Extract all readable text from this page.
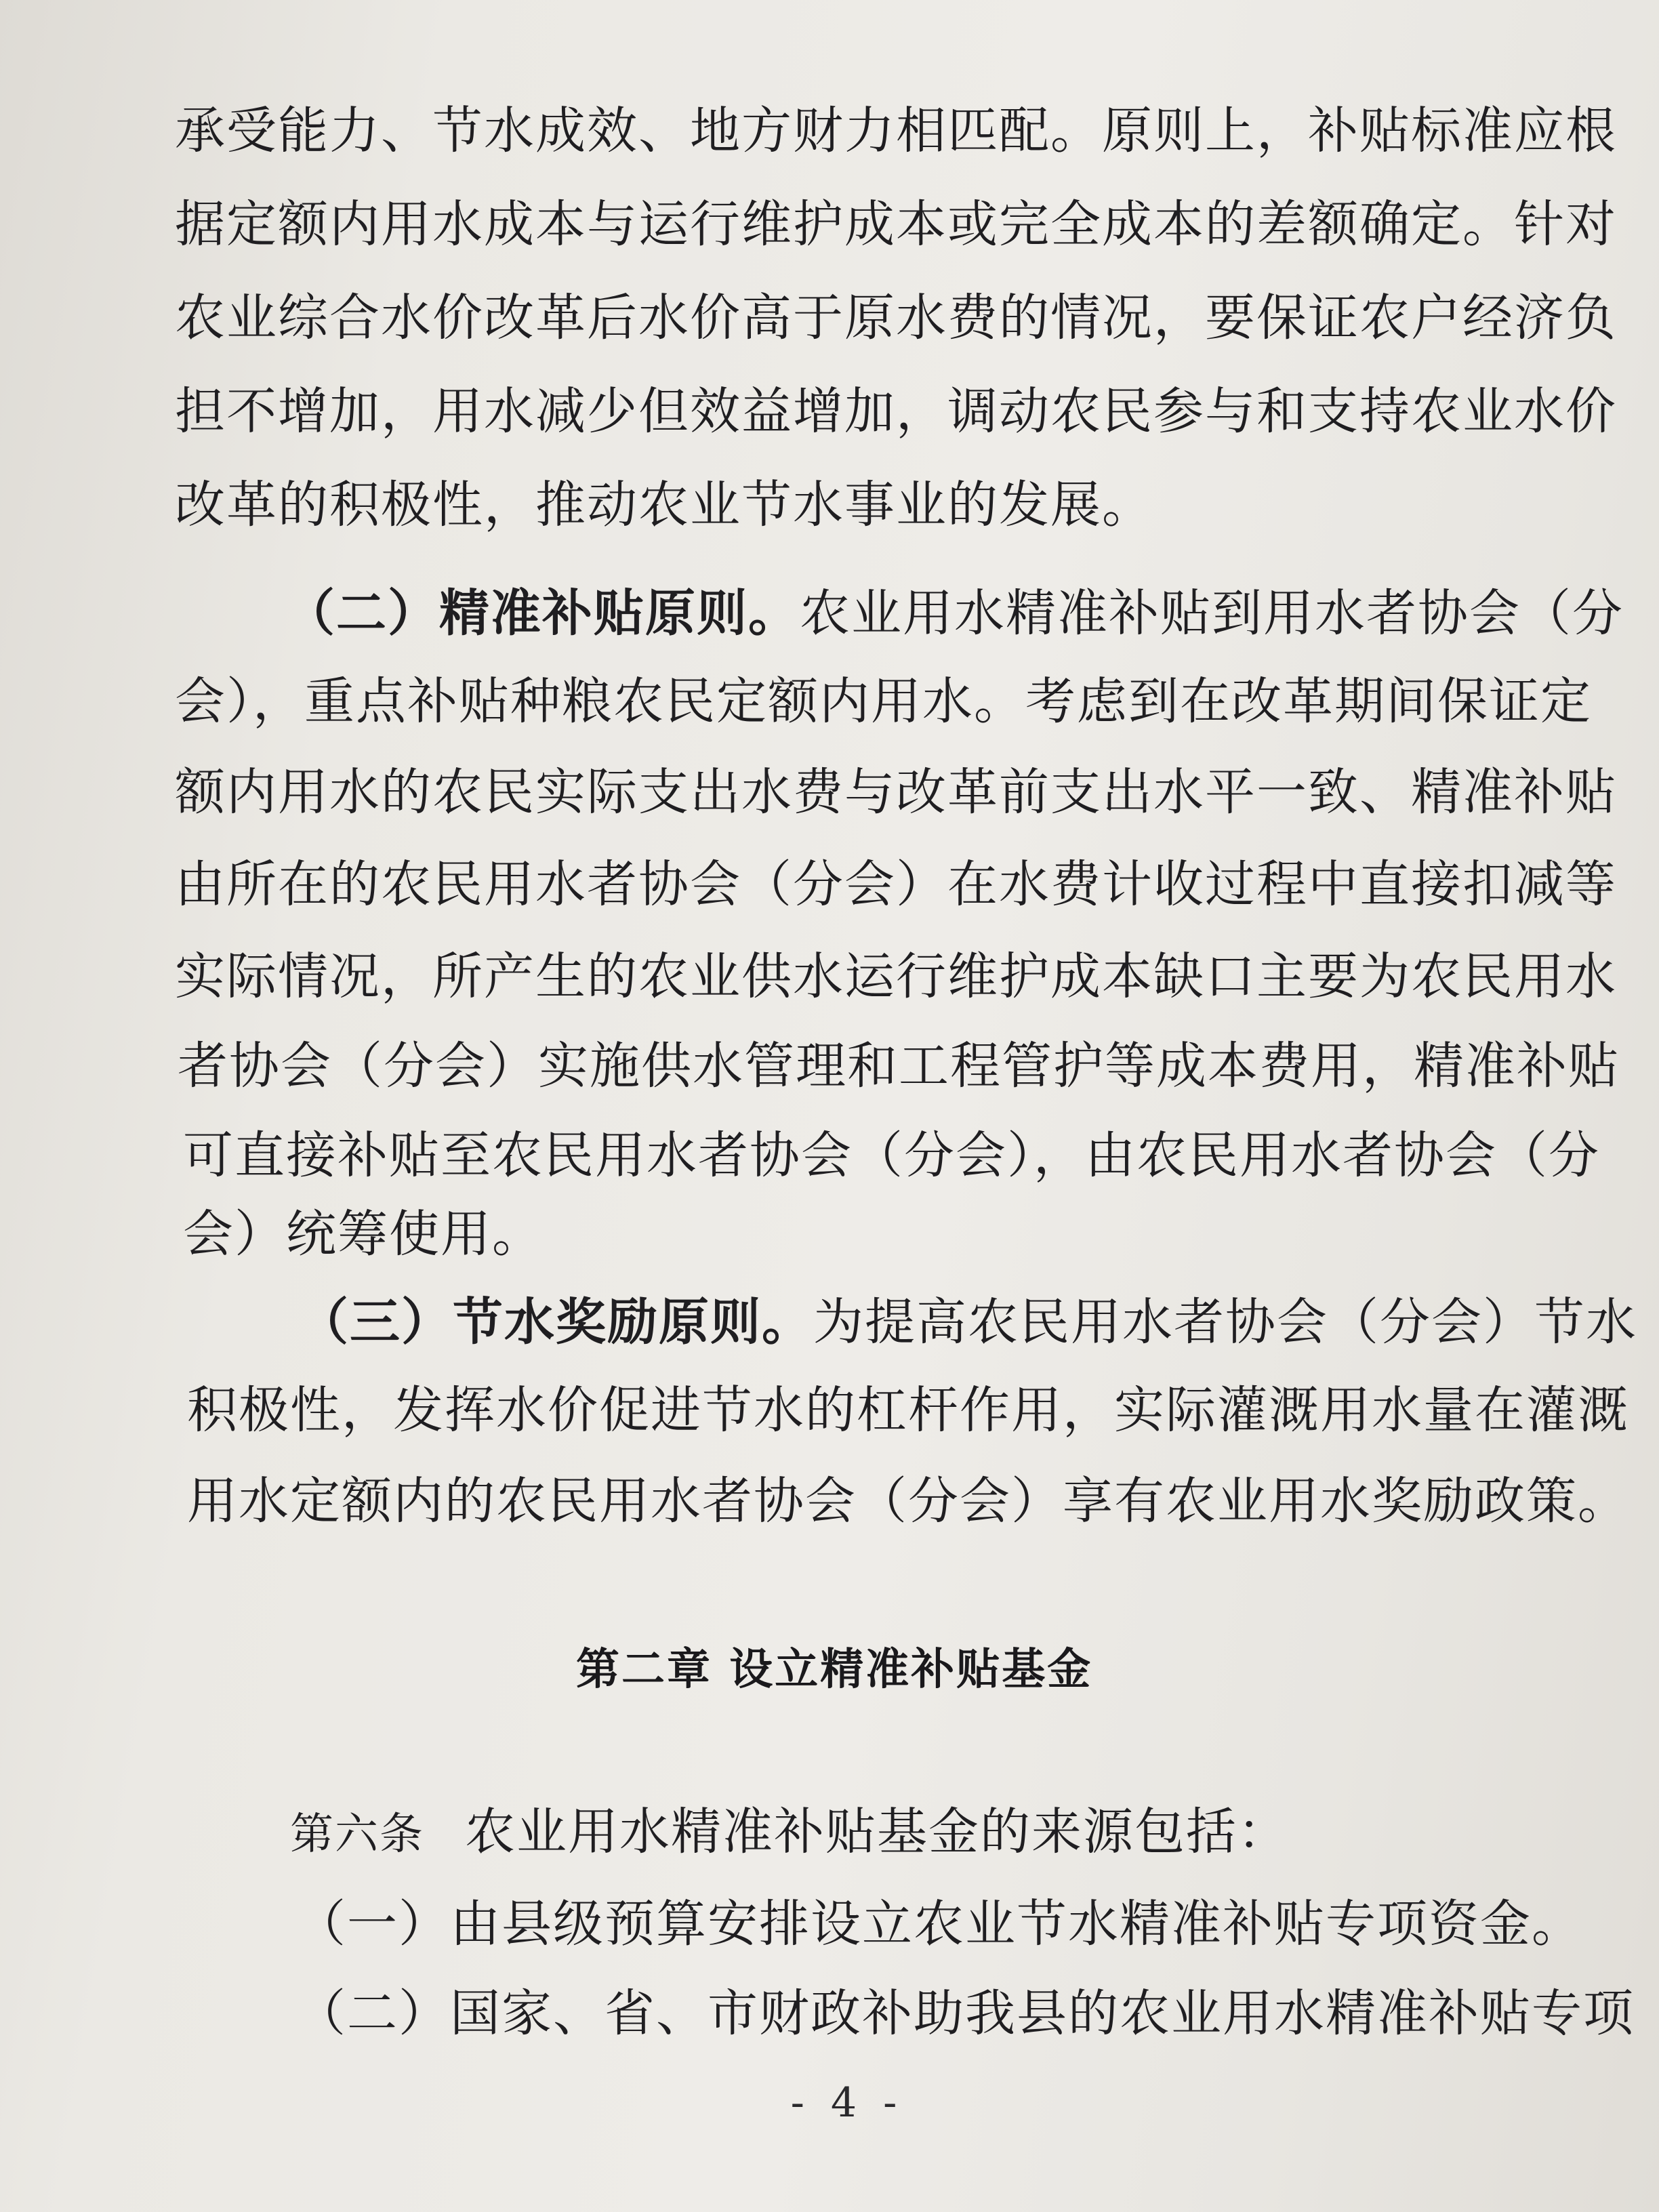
承受能力、节水成效、地方财力相匹配。原则上，补贴标准应根
据定额内用水成本与运行维护成本或完全成本的差额确定。针对
农业综合水价改革后水价高于原水费的情况，要保证农户经济负
担不增加，用水减少但效益增加，调动农民参与和支持农业水价
改革的积极性，推动农业节水事业的发展。
（二）精准补贴原则。农业用水精准补贴到用水者协会（分
会），重点补贴种粮农民定额内用水。考虑到在改革期间保证定
额内用水的农民实际支出水费与改革前支出水平一致、精准补贴
由所在的农民用水者协会（分会）在水费计收过程中直接扣减等
实际情况，所产生的农业供水运行维护成本缺口主要为农民用水
者协会（分会）实施供水管理和工程管护等成本费用，精准补贴
可直接补贴至农民用水者协会（分会），由农民用水者协会（分
会）统筹使用。
（三）节水奖励原则。为提高农民用水者协会（分会）节水
积极性，发挥水价促进节水的杠杆作用，实际灌溉用水量在灌溉
用水定额内的农民用水者协会（分会）享有农业用水奖励政策。
第二章 设立精准补贴基金
第六条 农业用水精准补贴基金的来源包括：
（一）由县级预算安排设立农业节水精准补贴专项资金。
（二）国家、省、市财政补助我县的农业用水精准补贴专项
- 4 -
